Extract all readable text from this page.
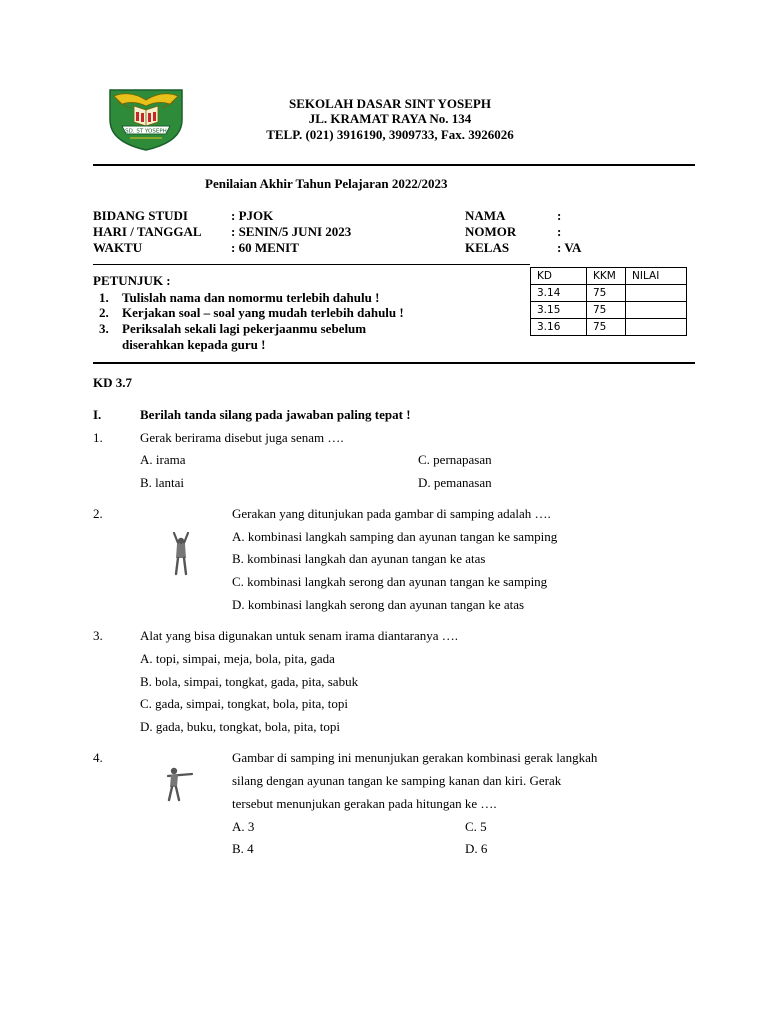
SD. ST YOSEPH
SEKOLAH DASAR SINT YOSEPH
JL. KRAMAT RAYA No. 134
TELP. (021) 3916190, 3909733, Fax. 3926026
Penilaian Akhir Tahun Pelajaran 2022/2023
BIDANG STUDI	: PJOK
HARI / TANGGAL : SENIN/5 JUNI 2023
WAKTU	: 60 MENIT
NAMA	:
NOMOR	:
KELAS	: VA
PETUNJUK :
1. Tulislah nama dan nomormu terlebih dahulu !
2. Kerjakan soal – soal yang mudah terlebih dahulu !
3. Periksalah sekali lagi pekerjaanmu sebelum
diserahkan kepada guru !
KD	KKM	NILAI
3.14	75	
3.15	75	
3.16	75	
KD 3.7
I.	Berilah tanda silang pada jawaban paling tepat !
1.	Gerak berirama disebut juga senam ….
A. irama
B. lantai
C. pernapasan
D. pemanasan
2.	Gerakan yang ditunjukan pada gambar di samping adalah ….
A. kombinasi langkah samping dan ayunan tangan ke samping
B. kombinasi langkah dan ayunan tangan ke atas
C. kombinasi langkah serong dan ayunan tangan ke samping
D. kombinasi langkah serong dan ayunan tangan ke atas
3.	Alat yang bisa digunakan untuk senam irama diantaranya ….
A. topi, simpai, meja, bola, pita, gada
B. bola, simpai, tongkat, gada, pita, sabuk
C. gada, simpai, tongkat, bola, pita, topi
D. gada, buku, tongkat, bola, pita, topi
4.	Gambar di samping ini menunjukan gerakan kombinasi gerak langkah
silang dengan ayunan tangan ke samping kanan dan kiri. Gerak
tersebut menunjukan gerakan pada hitungan ke ….
A. 3
B. 4
C. 5
D. 6
